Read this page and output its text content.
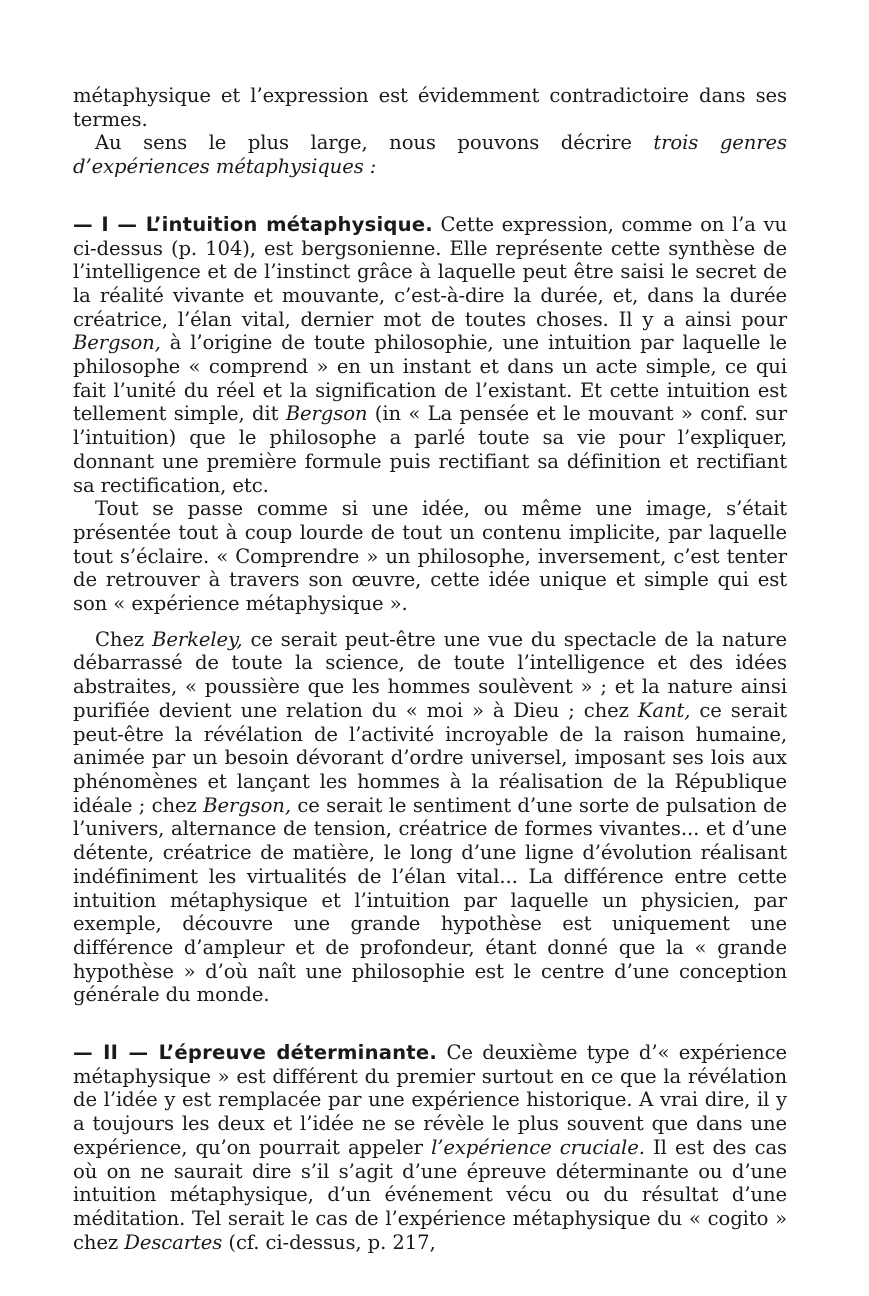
métaphysique et l’expression est évidemment contradictoire dans ses termes.

Au sens le plus large, nous pouvons décrire trois genres d’expériences métaphysiques :

— I — L’intuition métaphysique. Cette expression, comme on l’a vu ci-dessus (p. 104), est bergsonienne. Elle représente cette synthèse de l’intelligence et de l’instinct grâce à laquelle peut être saisi le secret de la réalité vivante et mouvante, c’est-à-dire la durée, et, dans la durée créatrice, l’élan vital, dernier mot de toutes choses. Il y a ainsi pour Bergson, à l’origine de toute philosophie, une intuition par laquelle le philosophe « comprend » en un instant et dans un acte simple, ce qui fait l’unité du réel et la signification de l’existant. Et cette intuition est tellement simple, dit Bergson (in « La pensée et le mouvant » conf. sur l’intuition) que le philosophe a parlé toute sa vie pour l’expliquer, donnant une première formule puis rectifiant sa définition et rectifiant sa rectification, etc.

Tout se passe comme si une idée, ou même une image, s’était présentée tout à coup lourde de tout un contenu implicite, par laquelle tout s’éclaire. « Comprendre » un philosophe, inversement, c’est tenter de retrouver à travers son œuvre, cette idée unique et simple qui est son « expérience métaphysique ».

Chez Berkeley, ce serait peut-être une vue du spectacle de la nature débarrassé de toute la science, de toute l’intelligence et des idées abstraites, « poussière que les hommes soulèvent » ; et la nature ainsi purifiée devient une relation du « moi » à Dieu ; chez Kant, ce serait peut-être la révélation de l’activité incroyable de la raison humaine, animée par un besoin dévorant d’ordre universel, imposant ses lois aux phénomènes et lançant les hommes à la réalisation de la République idéale ; chez Bergson, ce serait le sentiment d’une sorte de pulsation de l’univers, alternance de tension, créatrice de formes vivantes... et d’une détente, créatrice de matière, le long d’une ligne d’évolution réalisant indéfiniment les virtualités de l’élan vital... La différence entre cette intuition métaphysique et l’intuition par laquelle un physicien, par exemple, découvre une grande hypothèse est uniquement une différence d’ampleur et de profondeur, étant donné que la « grande hypothèse » d’où naît une philosophie est le centre d’une conception générale du monde.

— II — L’épreuve déterminante. Ce deuxième type d’« expérience métaphysique » est différent du premier surtout en ce que la révélation de l’idée y est remplacée par une expérience historique. A vrai dire, il y a toujours les deux et l’idée ne se révèle le plus souvent que dans une expérience, qu’on pourrait appeler l’expérience cruciale. Il est des cas où on ne saurait dire s’il s’agit d’une épreuve déterminante ou d’une intuition métaphysique, d’un événement vécu ou du résultat d’une méditation. Tel serait le cas de l’expérience métaphysique du « cogito » chez Descartes (cf. ci-dessus, p. 217,
